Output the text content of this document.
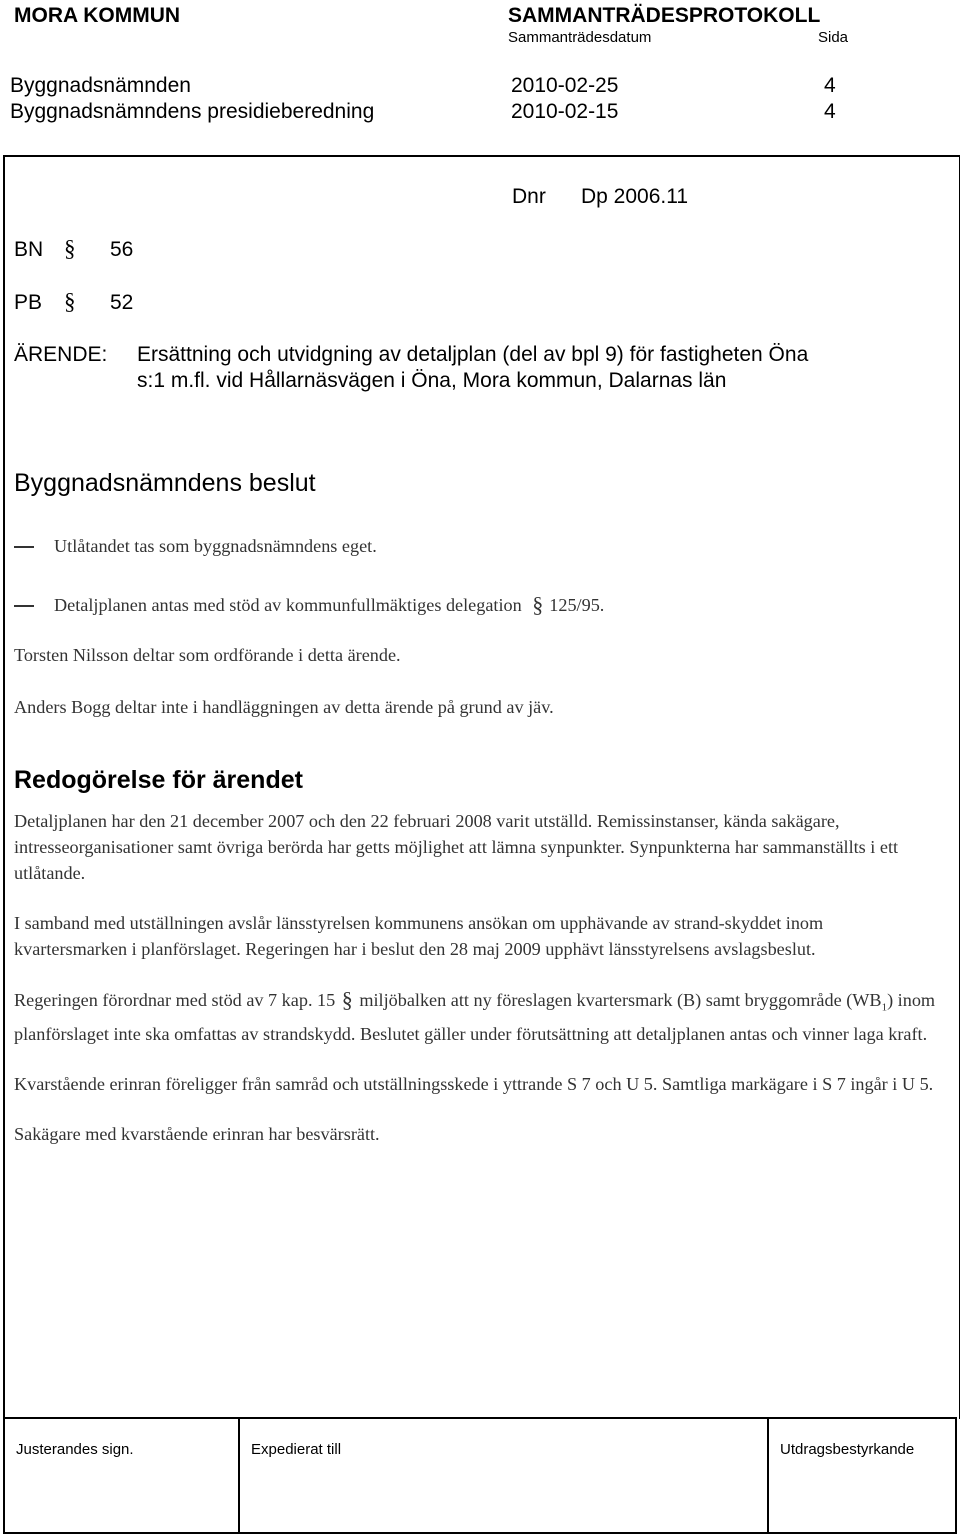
MORA KOMMUN	SAMMANTRÄDESPROTOKOLL
Sammanträdesdatum	Sida
Byggnadsnämnden	2010-02-25	4
Byggnadsnämndens presidieberedning	2010-02-15	4
Dnr Dp 2006.11
BN § 56
PB § 52
ÄRENDE: Ersättning och utvidgning av detaljplan (del av bpl 9) för fastigheten Öna
s:1 m.fl. vid Hållarnäsvägen i Öna, Mora kommun, Dalarnas län
Byggnadsnämndens beslut
Utlåtandet tas som byggnadsnämndens eget.
Detaljplanen antas med stöd av kommunfullmäktiges delegation § 125/95.
Torsten Nilsson deltar som ordförande i detta ärende.
Anders Bogg deltar inte i handläggningen av detta ärende på grund av jäv.
Redogörelse för ärendet

Detaljplanen har den 21 december 2007 och den 22 februari 2008 varit utställd. Remissinstanser, kända sakägare, intresseorganisationer samt övriga berörda har getts möjlighet att lämna synpunkter. Synpunkterna har sammanställts i ett utlåtande.

I samband med utställningen avslår länsstyrelsen kommunens ansökan om upphävande av strand-skyddet inom kvartersmarken i planförslaget. Regeringen har i beslut den 28 maj 2009 upphävt länsstyrelsens avslagsbeslut.

Regeringen förordnar med stöd av 7 kap. 15 § miljöbalken att ny föreslagen kvartersmark (B) samt bryggområde $(WB_1)$ inom planförslaget inte ska omfattas av strandskydd. Beslutet gäller under förutsättning att detaljplanen antas och vinner laga kraft.

Kvarstående erinran föreligger från samråd och utställningsskede i yttrande S 7 och U 5. Samtliga markägare i S 7 ingår i U 5.

Sakägare med kvarstående erinran har besvärsrätt.

Justerandes sign.	Expedierat till	Utdragsbestyrkande
